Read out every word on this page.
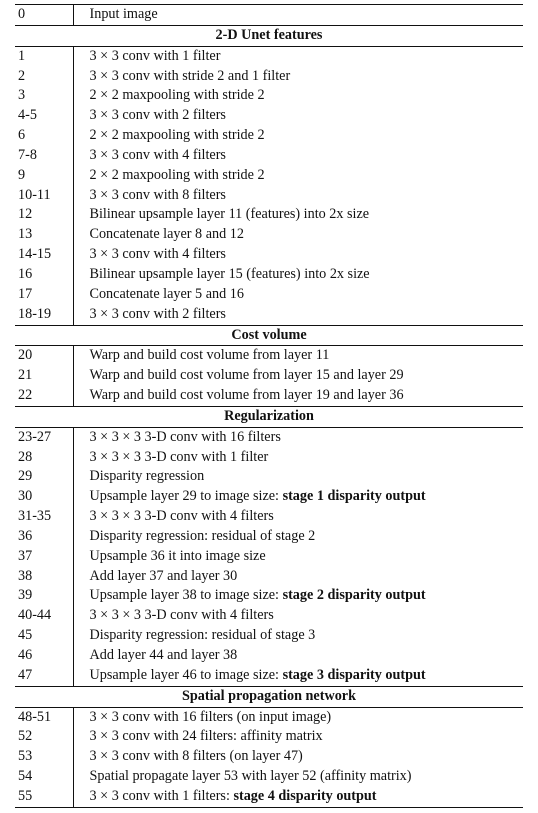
0	Input image
2-D Unet features	
1	3 × 3 conv with 1 filter
2	3 × 3 conv with stride 2 and 1 filter
3	2 × 2 maxpooling with stride 2
4-5	3 × 3 conv with 2 filters
6	2 × 2 maxpooling with stride 2
7-8	3 × 3 conv with 4 filters
9	2 × 2 maxpooling with stride 2
10-11	3 × 3 conv with 8 filters
12	Bilinear upsample layer 11 (features) into 2x size
13	Concatenate layer 8 and 12
14-15	3 × 3 conv with 4 filters
16	Bilinear upsample layer 15 (features) into 2x size
17	Concatenate layer 5 and 16
18-19	3 × 3 conv with 2 filters
Cost volume	
20	Warp and build cost volume from layer 11
21	Warp and build cost volume from layer 15 and layer 29
22	Warp and build cost volume from layer 19 and layer 36
Regularization	
23-27	3 × 3 × 3 3-D conv with 16 filters
28	3 × 3 × 3 3-D conv with 1 filter
29	Disparity regression
30	Upsample layer 29 to image size: stage 1 disparity output
31-35	3 × 3 × 3 3-D conv with 4 filters
36	Disparity regression: residual of stage 2
37	Upsample 36 it into image size
38	Add layer 37 and layer 30
39	Upsample layer 38 to image size: stage 2 disparity output
40-44	3 × 3 × 3 3-D conv with 4 filters
45	Disparity regression: residual of stage 3
46	Add layer 44 and layer 38
47	Upsample layer 46 to image size: stage 3 disparity output
Spatial propagation network	
48-51	3 × 3 conv with 16 filters (on input image)
52	3 × 3 conv with 24 filters: affinity matrix
53	3 × 3 conv with 8 filters (on layer 47)
54	Spatial propagate layer 53 with layer 52 (affinity matrix)
55	3 × 3 conv with 1 filters: stage 4 disparity output
